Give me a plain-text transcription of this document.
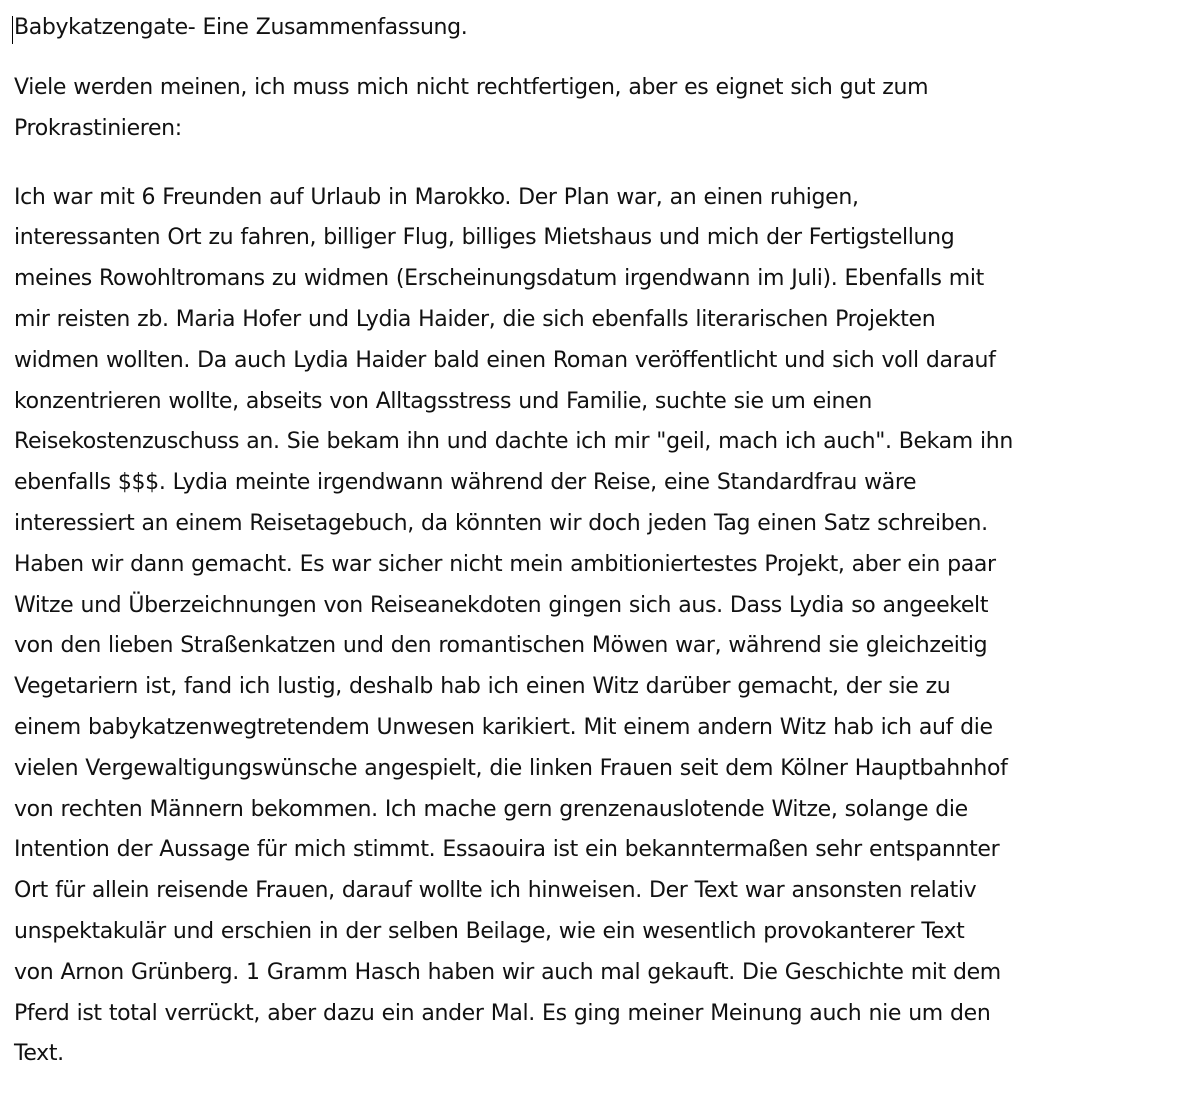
Babykatzengate- Eine Zusammenfassung.

Viele werden meinen, ich muss mich nicht rechtfertigen, aber es eignet sich gut zum
Prokrastinieren:

Ich war mit 6 Freunden auf Urlaub in Marokko. Der Plan war, an einen ruhigen,
interessanten Ort zu fahren, billiger Flug, billiges Mietshaus und mich der Fertigstellung
meines Rowohltromans zu widmen (Erscheinungsdatum irgendwann im Juli). Ebenfalls mit
mir reisten zb. Maria Hofer und Lydia Haider, die sich ebenfalls literarischen Projekten
widmen wollten. Da auch Lydia Haider bald einen Roman veröffentlicht und sich voll darauf
konzentrieren wollte, abseits von Alltagsstress und Familie, suchte sie um einen
Reisekostenzuschuss an. Sie bekam ihn und dachte ich mir "geil, mach ich auch". Bekam ihn
ebenfalls $$$. Lydia meinte irgendwann während der Reise, eine Standardfrau wäre
interessiert an einem Reisetagebuch, da könnten wir doch jeden Tag einen Satz schreiben.
Haben wir dann gemacht. Es war sicher nicht mein ambitioniertestes Projekt, aber ein paar
Witze und Überzeichnungen von Reiseanekdoten gingen sich aus. Dass Lydia so angeekelt
von den lieben Straßenkatzen und den romantischen Möwen war, während sie gleichzeitig
Vegetariern ist, fand ich lustig, deshalb hab ich einen Witz darüber gemacht, der sie zu
einem babykatzenwegtretendem Unwesen karikiert. Mit einem andern Witz hab ich auf die
vielen Vergewaltigungswünsche angespielt, die linken Frauen seit dem Kölner Hauptbahnhof
von rechten Männern bekommen. Ich mache gern grenzenauslotende Witze, solange die
Intention der Aussage für mich stimmt. Essaouira ist ein bekanntermaßen sehr entspannter
Ort für allein reisende Frauen, darauf wollte ich hinweisen. Der Text war ansonsten relativ
unspektakulär und erschien in der selben Beilage, wie ein wesentlich provokanterer Text
von Arnon Grünberg. 1 Gramm Hasch haben wir auch mal gekauft. Die Geschichte mit dem
Pferd ist total verrückt, aber dazu ein ander Mal. Es ging meiner Meinung auch nie um den
Text.
